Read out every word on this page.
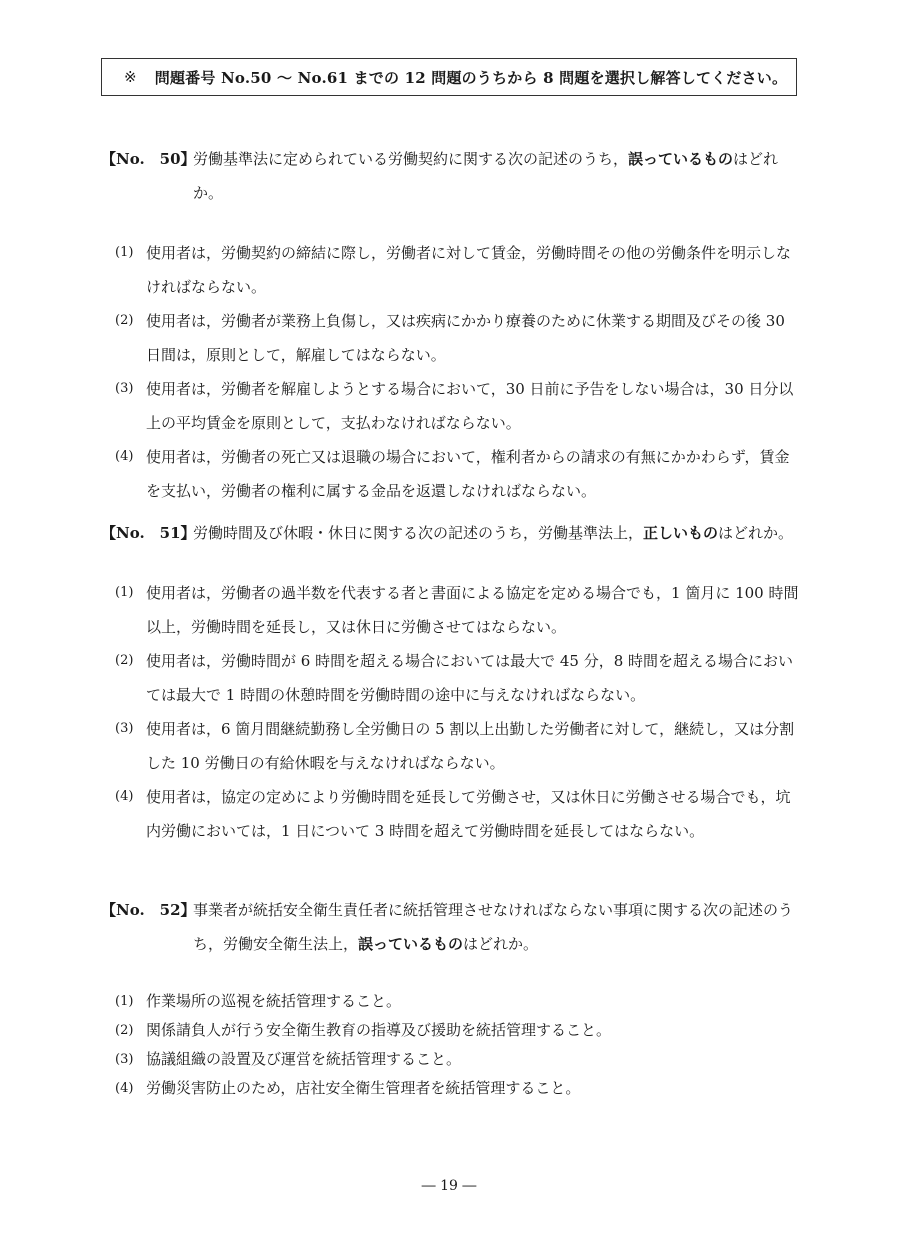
※ 問題番号 No.50 ～ No.61 までの 12 問題のうちから 8 問題を選択し解答してください。
【No.　50】
労働基準法に定められている労働契約に関する次の記述のうち，誤っているものはどれか。
(1) 使用者は，労働契約の締結に際し，労働者に対して賃金，労働時間その他の労働条件を明示しなければならない。
(2) 使用者は，労働者が業務上負傷し，又は疾病にかかり療養のために休業する期間及びその後 30 日間は，原則として，解雇してはならない。
(3) 使用者は，労働者を解雇しようとする場合において，30 日前に予告をしない場合は，30 日分以上の平均賃金を原則として，支払わなければならない。
(4) 使用者は，労働者の死亡又は退職の場合において，権利者からの請求の有無にかかわらず，賃金を支払い，労働者の権利に属する金品を返還しなければならない。
【No.　51】
労働時間及び休暇・休日に関する次の記述のうち，労働基準法上，正しいものはどれか。
(1) 使用者は，労働者の過半数を代表する者と書面による協定を定める場合でも，1 箇月に 100 時間以上，労働時間を延長し，又は休日に労働させてはならない。
(2) 使用者は，労働時間が 6 時間を超える場合においては最大で 45 分，8 時間を超える場合においては最大で 1 時間の休憩時間を労働時間の途中に与えなければならない。
(3) 使用者は，6 箇月間継続勤務し全労働日の 5 割以上出勤した労働者に対して，継続し，又は分割した 10 労働日の有給休暇を与えなければならない。
(4) 使用者は，協定の定めにより労働時間を延長して労働させ，又は休日に労働させる場合でも，坑内労働においては，1 日について 3 時間を超えて労働時間を延長してはならない。
【No.　52】
事業者が統括安全衛生責任者に統括管理させなければならない事項に関する次の記述のうち，労働安全衛生法上，誤っているものはどれか。
(1) 作業場所の巡視を統括管理すること。
(2) 関係請負人が行う安全衛生教育の指導及び援助を統括管理すること。
(3) 協議組織の設置及び運営を統括管理すること。
(4) 労働災害防止のため，店社安全衛生管理者を統括管理すること。
― 19 ―
